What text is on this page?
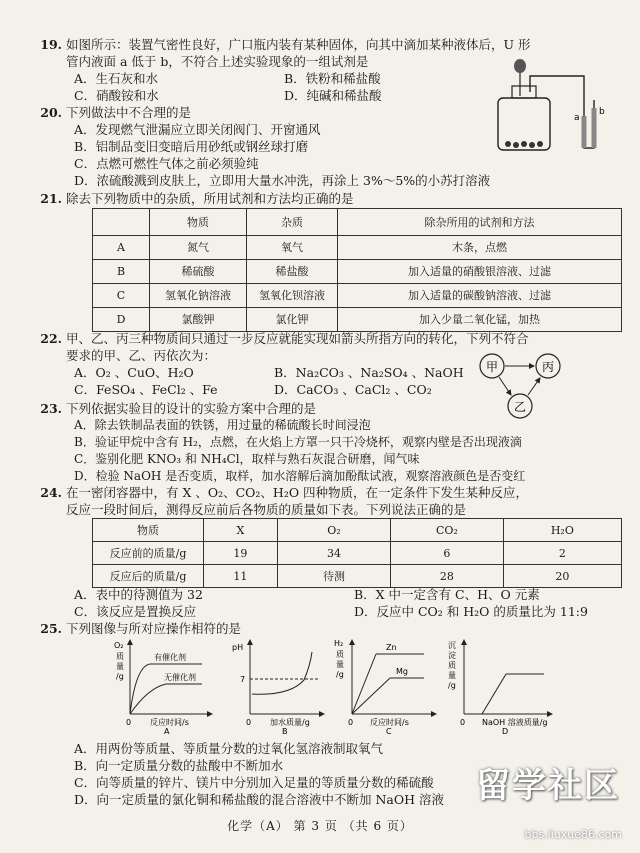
19. 如图所示：装置气密性良好，广口瓶内装有某种固体，向其中滴加某种液体后，U 形
管内液面 a 低于 b，不符合上述实验现象的一组试剂是
A．生石灰和水	B．铁粉和稀盐酸
C．硝酸铵和水	D．纯碱和稀盐酸
a
b
20. 下列做法中不合理的是
A．发现燃气泄漏应立即关闭阀门、开窗通风
B．铝制品变旧变暗后用砂纸或钢丝球打磨
C．点燃可燃性气体之前必须验纯
D．浓硫酸溅到皮肤上，立即用大量水冲洗，再涂上 3%～5%的小苏打溶液
21. 除去下列物质中的杂质，所用试剂和方法均正确的是
	物质	杂质	除杂所用的试剂和方法
A	氮气	氧气	木条，点燃
B	稀硫酸	稀盐酸	加入适量的硝酸银溶液、过滤
C	氢氧化钠溶液	氢氧化钡溶液	加入适量的碳酸钠溶液、过滤
D	氯酸钾	氯化钾	加入少量二氧化锰，加热
22. 甲、乙、丙三种物质间只通过一步反应就能实现如箭头所指方向的转化，下列不符合
要求的甲、乙、丙依次为：
A．O₂ 、CuO、H₂O	B．Na₂CO₃ 、Na₂SO₄ 、NaOH
C．FeSO₄ 、FeCl₂ 、Fe	D．CaCO₃ 、CaCl₂ 、CO₂
甲	丙
乙
23. 下列依据实验目的设计的实验方案中合理的是
A．除去铁制品表面的铁锈，用过量的稀硫酸长时间浸泡
B．验证甲烷中含有 H₂，点燃，在火焰上方罩一只干冷烧杯，观察内壁是否出现液滴
C．鉴别化肥 KNO₃ 和 NH₄Cl，取样与熟石灰混合研磨，闻气味
D．检验 NaOH 是否变质，取样，加水溶解后滴加酚酞试液，观察溶液颜色是否变红
24. 在一密闭容器中，有 X 、O₂、CO₂、H₂O 四种物质，在一定条件下发生某种反应，
反应一段时间后，测得反应前后各物质的质量如下表。下列说法正确的是
物质	X	O₂	CO₂	H₂O
反应前的质量/g	19	34	6	2
反应后的质量/g	11	待测	28	20
A．表中的待测值为 32	B．X 中一定含有 C、H、O 元素
C．该反应是置换反应	D．反应中 CO₂ 和 H₂O 的质量比为 11:9
25. 下列图像与所对应操作相符的是
O₂
质
量
/g
有催化剂
无催化剂
0 反应时间/s
pH
7
0 加水质量/g
H₂
质
量
/g
Zn
Mg
0 反应时间/s
沉
淀
质
量
/g
0 NaOH 溶液质量/g
A	B	C	D
A．用两份等质量、等质量分数的过氧化氢溶液制取氧气
B．向一定质量分数的盐酸中不断加水
C．向等质量的锌片、镁片中分别加入足量的等质量分数的稀硫酸
D．向一定质量的氯化铜和稀盐酸的混合溶液中不断加 NaOH 溶液
化学（A） 第 3 页 （共 6 页）
留学社区
bbs.liuxue86.com
